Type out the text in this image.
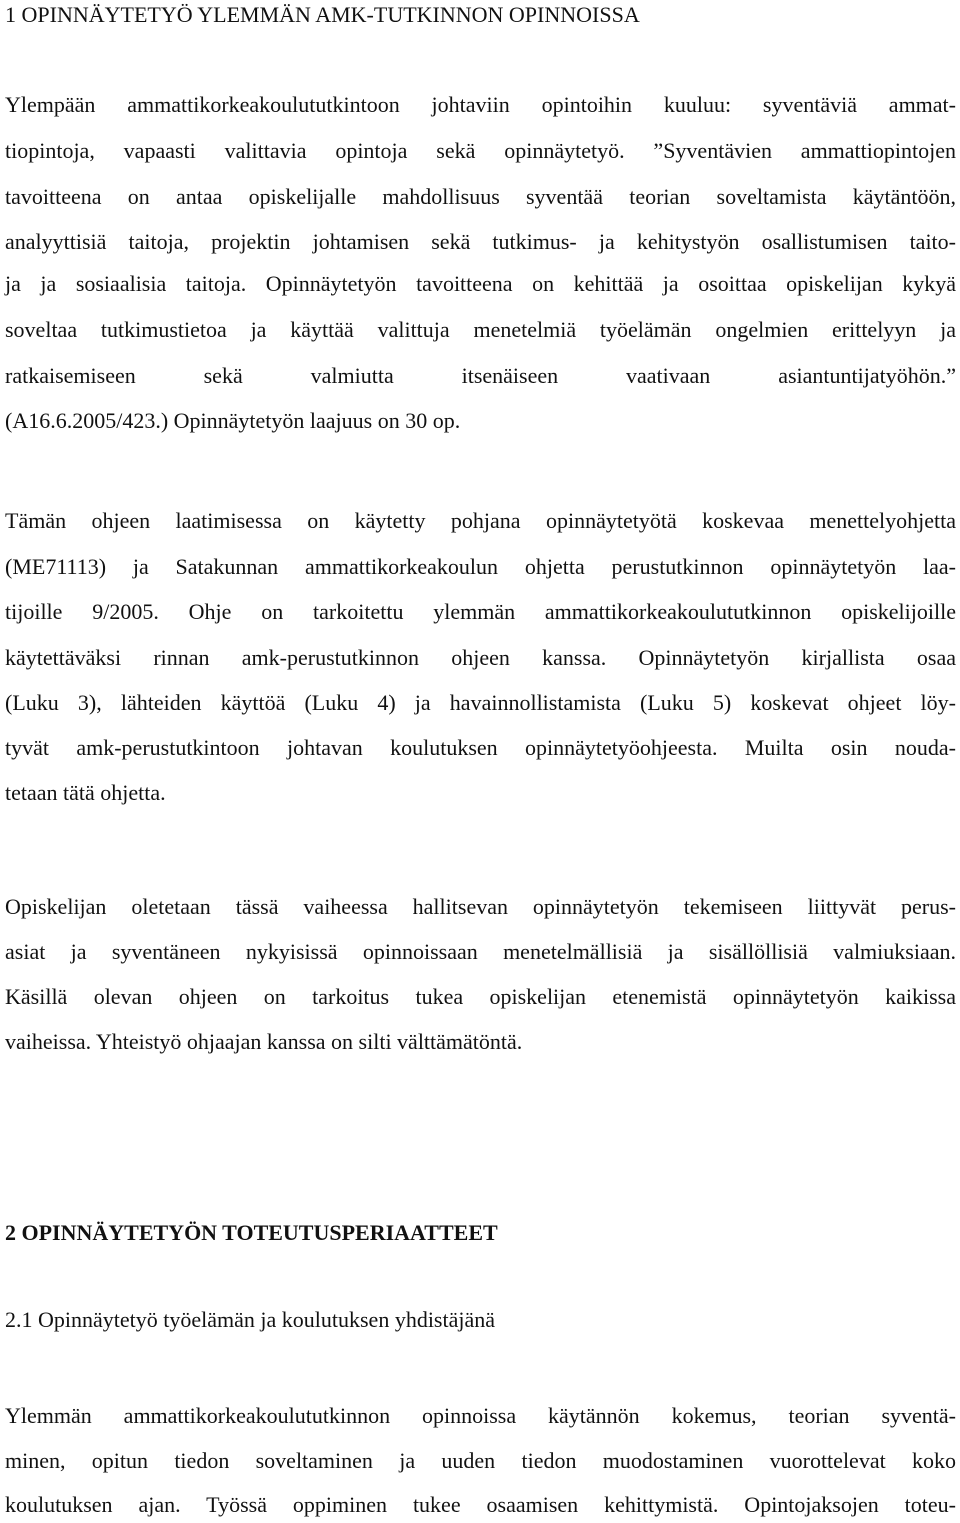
1 OPINNÄYTETYÖ YLEMMÄN AMK-TUTKINNON OPINNOISSA
Ylempään ammattikorkeakoulututkintoon johtaviin opintoihin kuuluu: syventäviä ammat-
tiopintoja, vapaasti valittavia opintoja sekä opinnäytetyö. ”Syventävien ammattiopintojen
tavoitteena on antaa opiskelijalle mahdollisuus syventää teorian soveltamista käytäntöön,
analyyttisiä taitoja, projektin johtamisen sekä tutkimus- ja kehitystyön osallistumisen taito-
ja ja sosiaalisia taitoja. Opinnäytetyön tavoitteena on kehittää ja osoittaa opiskelijan kykyä
soveltaa tutkimustietoa ja käyttää valittuja menetelmiä työelämän ongelmien erittelyyn ja
ratkaisemiseen sekä valmiutta itsenäiseen vaativaan asiantuntijatyöhön.”
(A16.6.2005/423.) Opinnäytetyön laajuus on 30 op.
Tämän ohjeen laatimisessa on käytetty pohjana opinnäytetyötä koskevaa menettelyohjetta
(ME71113) ja Satakunnan ammattikorkeakoulun ohjetta perustutkinnon opinnäytetyön laa-
tijoille 9/2005. Ohje on tarkoitettu ylemmän ammattikorkeakoulututkinnon opiskelijoille
käytettäväksi rinnan amk-perustutkinnon ohjeen kanssa. Opinnäytetyön kirjallista osaa
(Luku 3), lähteiden käyttöä (Luku 4) ja havainnollistamista (Luku 5) koskevat ohjeet löy-
tyvät amk-perustutkintoon johtavan koulutuksen opinnäytetyöohjeesta. Muilta osin nouda-
tetaan tätä ohjetta.
Opiskelijan oletetaan tässä vaiheessa hallitsevan opinnäytetyön tekemiseen liittyvät perus-
asiat ja syventäneen nykyisissä opinnoissaan menetelmällisiä ja sisällöllisiä valmiuksiaan.
Käsillä olevan ohjeen on tarkoitus tukea opiskelijan etenemistä opinnäytetyön kaikissa
vaiheissa. Yhteistyö ohjaajan kanssa on silti välttämätöntä.
2 OPINNÄYTETYÖN TOTEUTUSPERIAATTEET
2.1 Opinnäytetyö työelämän ja koulutuksen yhdistäjänä
Ylemmän ammattikorkeakoulututkinnon opinnoissa käytännön kokemus, teorian syventä-
minen, opitun tiedon soveltaminen ja uuden tiedon muodostaminen vuorottelevat koko
koulutuksen ajan. Työssä oppiminen tukee osaamisen kehittymistä. Opintojaksojen toteu-
